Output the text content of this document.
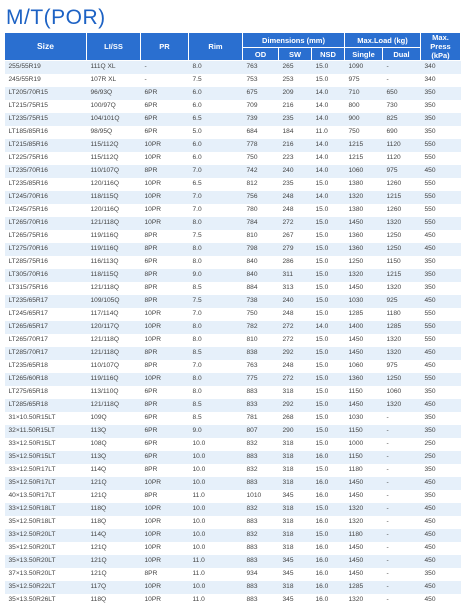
M/T(POR)
Size	LI/SS	PR	Rim	Dimensions (mm)			Max.Load (kg)		Max. Press (kPa)
				OD	SW	NSD	Single	Dual	
255/55R19	111Q XL	-	8.0	763	265	15.0	1090	-	340
245/55R19	107R XL	-	7.5	753	253	15.0	975	-	340
LT205/70R15	96/93Q	6PR	6.0	675	209	14.0	710	650	350
LT215/75R15	100/97Q	6PR	6.0	709	216	14.0	800	730	350
LT235/75R15	104/101Q	6PR	6.5	739	235	14.0	900	825	350
LT185/85R16	98/95Q	6PR	5.0	684	184	11.0	750	690	350
LT215/85R16	115/112Q	10PR	6.0	778	216	14.0	1215	1120	550
LT225/75R16	115/112Q	10PR	6.0	750	223	14.0	1215	1120	550
LT235/70R16	110/107Q	8PR	7.0	742	240	14.0	1060	975	450
LT235/85R16	120/116Q	10PR	6.5	812	235	15.0	1380	1260	550
LT245/70R16	118/115Q	10PR	7.0	756	248	14.0	1320	1215	550
LT245/75R16	120/116Q	10PR	7.0	780	248	15.0	1380	1260	550
LT265/70R16	121/118Q	10PR	8.0	784	272	15.0	1450	1320	550
LT265/75R16	119/116Q	8PR	7.5	810	267	15.0	1360	1250	450
LT275/70R16	119/116Q	8PR	8.0	798	279	15.0	1360	1250	450
LT285/75R16	116/113Q	6PR	8.0	840	286	15.0	1250	1150	350
LT305/70R16	118/115Q	8PR	9.0	840	311	15.0	1320	1215	350
LT315/75R16	121/118Q	8PR	8.5	884	313	15.0	1450	1320	350
LT235/65R17	109/105Q	8PR	7.5	738	240	15.0	1030	925	450
LT245/65R17	117/114Q	10PR	7.0	750	248	15.0	1285	1180	550
LT265/65R17	120/117Q	10PR	8.0	782	272	14.0	1400	1285	550
LT265/70R17	121/118Q	10PR	8.0	810	272	15.0	1450	1320	550
LT285/70R17	121/118Q	8PR	8.5	838	292	15.0	1450	1320	450
LT235/65R18	110/107Q	8PR	7.0	763	248	15.0	1060	975	450
LT265/60R18	119/116Q	10PR	8.0	775	272	15.0	1360	1250	550
LT275/65R18	113/110Q	6PR	8.0	883	318	15.0	1150	1060	350
LT285/65R18	121/118Q	8PR	8.5	833	292	15.0	1450	1320	450
31×10.50R15LT	109Q	6PR	8.5	781	268	15.0	1030	-	350
32×11.50R15LT	113Q	6PR	9.0	807	290	15.0	1150	-	350
33×12.50R15LT	108Q	6PR	10.0	832	318	15.0	1000	-	250
35×12.50R15LT	113Q	6PR	10.0	883	318	16.0	1150	-	250
33×12.50R17LT	114Q	8PR	10.0	832	318	15.0	1180	-	350
35×12.50R17LT	121Q	10PR	10.0	883	318	16.0	1450	-	450
40×13.50R17LT	121Q	8PR	11.0	1010	345	16.0	1450	-	350
33×12.50R18LT	118Q	10PR	10.0	832	318	15.0	1320	-	450
35×12.50R18LT	118Q	10PR	10.0	883	318	16.0	1320	-	450
33×12.50R20LT	114Q	10PR	10.0	832	318	15.0	1180	-	450
35×12.50R20LT	121Q	10PR	10.0	883	318	16.0	1450	-	450
35×13.50R20LT	121Q	10PR	11.0	883	345	16.0	1450	-	450
37×13.50R20LT	121Q	8PR	11.0	934	345	16.0	1450	-	350
35×12.50R22LT	117Q	10PR	10.0	883	318	16.0	1285	-	450
35×13.50R26LT	118Q	10PR	11.0	883	345	16.0	1320	-	450
